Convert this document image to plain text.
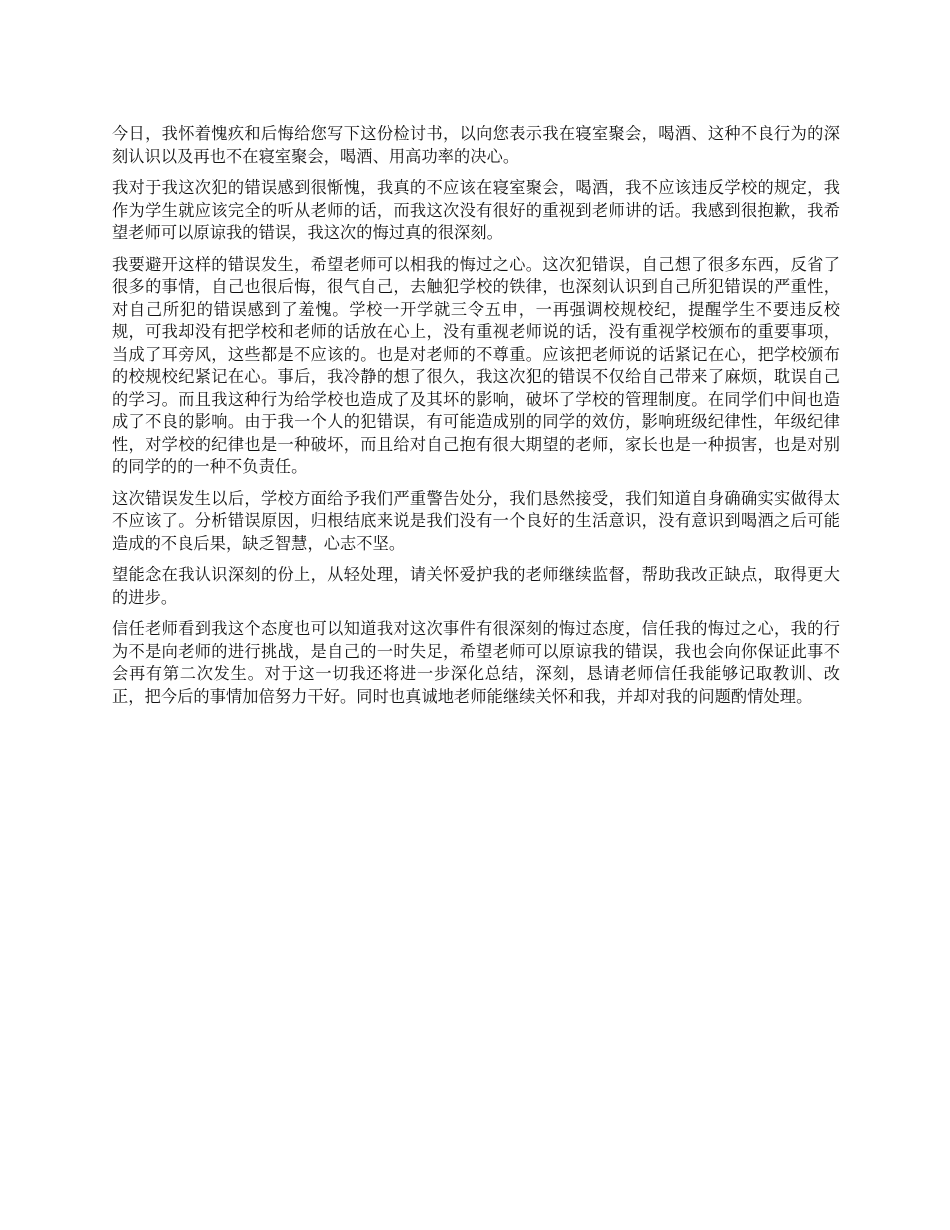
今日，我怀着愧疚和后悔给您写下这份检讨书，以向您表示我在寝室聚会，喝酒、这种不良行为的深刻认识以及再也不在寝室聚会，喝酒、用高功率的决心。

我对于我这次犯的错误感到很惭愧，我真的不应该在寝室聚会，喝酒，我不应该违反学校的规定，我作为学生就应该完全的听从老师的话，而我这次没有很好的重视到老师讲的话。我感到很抱歉，我希望老师可以原谅我的错误，我这次的悔过真的很深刻。

我要避开这样的错误发生，希望老师可以相我的悔过之心。这次犯错误，自己想了很多东西，反省了很多的事情，自己也很后悔，很气自己，去触犯学校的铁律，也深刻认识到自己所犯错误的严重性，对自己所犯的错误感到了羞愧。学校一开学就三令五申，一再强调校规校纪，提醒学生不要违反校规，可我却没有把学校和老师的话放在心上，没有重视老师说的话，没有重视学校颁布的重要事项，当成了耳旁风，这些都是不应该的。也是对老师的不尊重。应该把老师说的话紧记在心，把学校颁布的校规校纪紧记在心。事后，我冷静的想了很久，我这次犯的错误不仅给自己带来了麻烦，耽误自己的学习。而且我这种行为给学校也造成了及其坏的影响，破坏了学校的管理制度。在同学们中间也造成了不良的影响。由于我一个人的犯错误，有可能造成别的同学的效仿，影响班级纪律性，年级纪律性，对学校的纪律也是一种破坏，而且给对自己抱有很大期望的老师，家长也是一种损害，也是对别的同学的的一种不负责任。

这次错误发生以后，学校方面给予我们严重警告处分，我们恳然接受，我们知道自身确确实实做得太不应该了。分析错误原因，归根结底来说是我们没有一个良好的生活意识，没有意识到喝酒之后可能造成的不良后果，缺乏智慧，心志不坚。

望能念在我认识深刻的份上，从轻处理，请关怀爱护我的老师继续监督，帮助我改正缺点，取得更大的进步。

信任老师看到我这个态度也可以知道我对这次事件有很深刻的悔过态度，信任我的悔过之心，我的行为不是向老师的进行挑战，是自己的一时失足，希望老师可以原谅我的错误，我也会向你保证此事不会再有第二次发生。对于这一切我还将进一步深化总结，深刻，恳请老师信任我能够记取教训、改正，把今后的事情加倍努力干好。同时也真诚地老师能继续关怀和我，并却对我的问题酌情处理。
